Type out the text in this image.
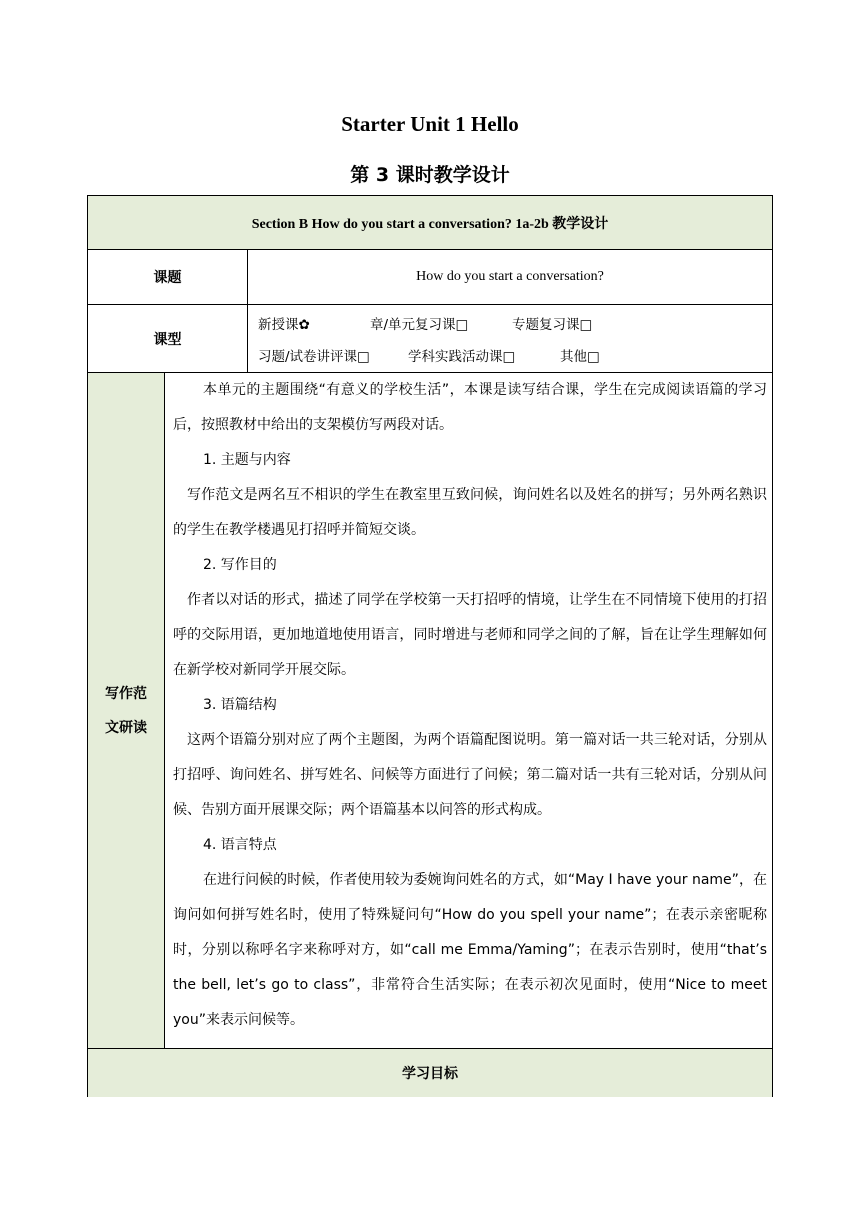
Starter Unit 1 Hello
第 3 课时教学设计
Section B How do you start a conversation? 1a-2b 教学设计
课题	How do you start a conversation?
课型
新授课✿	章/单元复习课□	专题复习课□
习题/试卷讲评课□	学科实践活动课□	其他□
写作范
文研读

本单元的主题围绕“有意义的学校生活”，本课是读写结合课，学生在完成阅读语篇的学习后，按照教材中给出的支架模仿写两段对话。

1. 主题与内容

写作范文是两名互不相识的学生在教室里互致问候，询问姓名以及姓名的拼写；另外两名熟识的学生在教学楼遇见打招呼并简短交谈。

2. 写作目的

作者以对话的形式，描述了同学在学校第一天打招呼的情境，让学生在不同情境下使用的打招呼的交际用语，更加地道地使用语言，同时增进与老师和同学之间的了解，旨在让学生理解如何在新学校对新同学开展交际。

3. 语篇结构

这两个语篇分别对应了两个主题图，为两个语篇配图说明。第一篇对话一共三轮对话，分别从打招呼、询问姓名、拼写姓名、问候等方面进行了问候；第二篇对话一共有三轮对话，分别从问候、告别方面开展课交际；两个语篇基本以问答的形式构成。

4. 语言特点

在进行问候的时候，作者使用较为委婉询问姓名的方式，如“May I have your name”，在询问如何拼写姓名时，使用了特殊疑问句“How do you spell your name”；在表示亲密昵称时，分别以称呼名字来称呼对方，如“call me Emma/Yaming”；在表示告别时，使用“that’s the bell, let’s go to class”，非常符合生活实际；在表示初次见面时，使用“Nice to meet you”来表示问候等。

学习目标
